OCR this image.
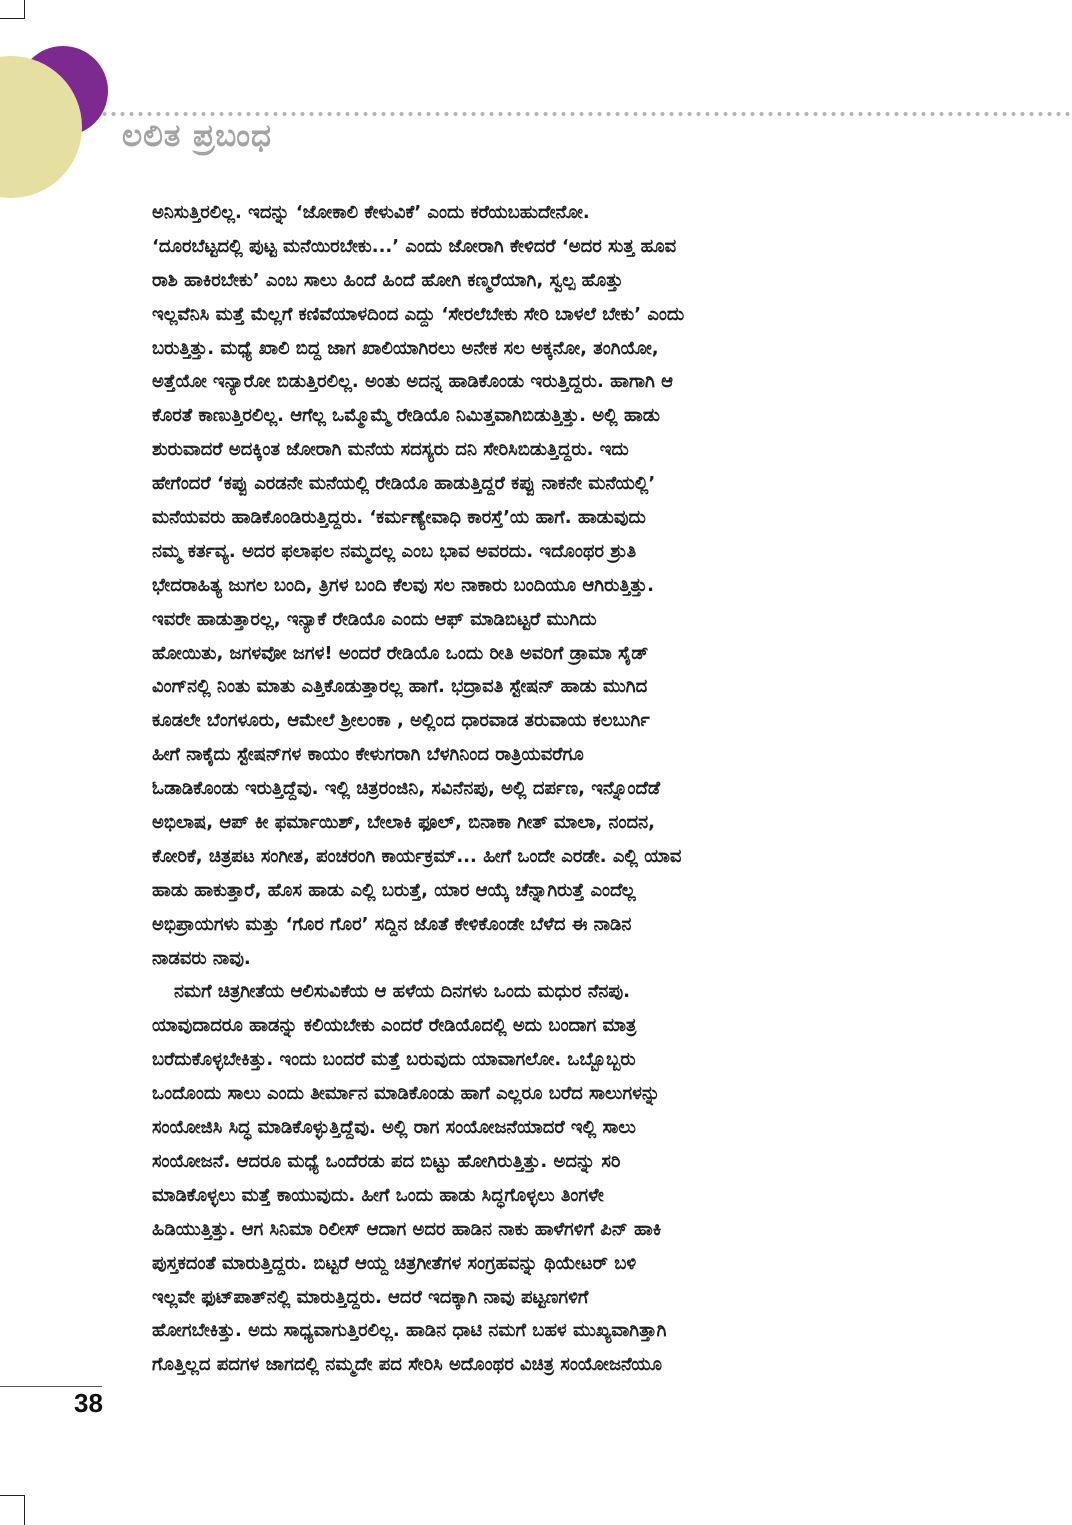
ಲಲಿತ ಪ್ರಬಂಧ
ಅನಿಸುತ್ತಿರಲಿಲ್ಲ. ಇದನ್ನು ‘ಜೋಕಾಲಿ ಕೇಳುವಿಕೆ’ ಎಂದು ಕರೆಯಬಹುದೇನೋ.
‘ದೂರಬೆಟ್ಟದಲ್ಲಿ ಪುಟ್ಟ ಮನೆಯಿರಬೇಕು...’ ಎಂದು ಜೋರಾಗಿ ಕೇಳಿದರೆ ‘ಅದರ ಸುತ್ತ ಹೂವ
ರಾಶಿ ಹಾಕಿರಬೇಕು’ ಎಂಬ ಸಾಲು ಹಿಂದೆ ಹಿಂದೆ ಹೋಗಿ ಕಣ್ಮರೆಯಾಗಿ, ಸ್ವಲ್ಪ ಹೊತ್ತು
ಇಲ್ಲವೆನಿಸಿ ಮತ್ತೆ ಮೆಲ್ಲಗೆ ಕಣಿವೆಯಾಳದಿಂದ ಎದ್ದು ‘ಸೇರಲೆಬೇಕು ಸೇರಿ ಬಾಳಲೆ ಬೇಕು’ ಎಂದು
ಬರುತ್ತಿತ್ತು. ಮಧ್ಯೆ ಖಾಲಿ ಬಿದ್ದ ಜಾಗ ಖಾಲಿಯಾಗಿರಲು ಅನೇಕ ಸಲ ಅಕ್ಕನೋ, ತಂಗಿಯೋ,
ಅತ್ತೆಯೋ ಇನ್ಯಾರೋ ಬಿಡುತ್ತಿರಲಿಲ್ಲ. ಅಂತು ಅದನ್ನ ಹಾಡಿಕೊಂಡು ಇರುತ್ತಿದ್ದರು. ಹಾಗಾಗಿ ಆ
ಕೊರತೆ ಕಾಣುತ್ತಿರಲಿಲ್ಲ. ಆಗೆಲ್ಲ ಒಮ್ಮೊಮ್ಮೆ ರೇಡಿಯೊ ನಿಮಿತ್ತವಾಗಿಬಿಡುತ್ತಿತ್ತು. ಅಲ್ಲಿ ಹಾಡು
ಶುರುವಾದರೆ ಅದಕ್ಕಿಂತ ಜೋರಾಗಿ ಮನೆಯ ಸದಸ್ಯರು ದನಿ ಸೇರಿಸಿಬಿಡುತ್ತಿದ್ದರು. ಇದು
ಹೇಗೆಂದರೆ ‘ಕಪ್ಪು ಎರಡನೇ ಮನೆಯಲ್ಲಿ ರೇಡಿಯೊ ಹಾಡುತ್ತಿದ್ದರೆ ಕಪ್ಪು ನಾಕನೇ ಮನೆಯಲ್ಲಿ’
ಮನೆಯವರು ಹಾಡಿಕೊಂಡಿರುತ್ತಿದ್ದರು. ‘ಕರ್ಮಣ್ಯೇವಾಧಿ ಕಾರಸ್ತೆ’ಯ ಹಾಗೆ. ಹಾಡುವುದು
ನಮ್ಮ ಕರ್ತವ್ಯ. ಅದರ ಫಲಾಫಲ ನಮ್ಮದಲ್ಲ ಎಂಬ ಭಾವ ಅವರದು. ಇದೊಂಥರ ಶ್ರುತಿ
ಭೇದರಾಹಿತ್ಯ ಜುಗಲ ಬಂದಿ, ತ್ರಿಗಳ ಬಂದಿ ಕೆಲವು ಸಲ ನಾಕಾರು ಬಂದಿಯೂ ಆಗಿರುತ್ತಿತ್ತು.
ಇವರೇ ಹಾಡುತ್ತಾರಲ್ಲ, ಇನ್ಯಾಕೆ ರೇಡಿಯೊ ಎಂದು ಆಫ್ ಮಾಡಿಬಿಟ್ಟರೆ ಮುಗಿದು
ಹೋಯಿತು, ಜಗಳವೋ ಜಗಳ! ಅಂದರೆ ರೇಡಿಯೊ ಒಂದು ರೀತಿ ಅವರಿಗೆ ಡ್ರಾಮಾ ಸೈಡ್
ವಿಂಗ್‌ನಲ್ಲಿ ನಿಂತು ಮಾತು ಎತ್ತಿಕೊಡುತ್ತಾರಲ್ಲ ಹಾಗೆ. ಭದ್ರಾವತಿ ಸ್ಟೇಷನ್ ಹಾಡು ಮುಗಿದ
ಕೂಡಲೇ ಬೆಂಗಳೂರು, ಆಮೇಲೆ ಶ್ರೀಲಂಕಾ , ಅಲ್ಲಿಂದ ಧಾರವಾಡ ತರುವಾಯ ಕಲಬುರ್ಗಿ
ಹೀಗೆ ನಾಕೈದು ಸ್ಟೇಷನ್‌ಗಳ ಕಾಯಂ ಕೇಳುಗರಾಗಿ ಬೆಳಗಿನಿಂದ ರಾತ್ರಿಯವರೆಗೂ
ಓಡಾಡಿಕೊಂಡು ಇರುತ್ತಿದ್ದೆವು. ಇಲ್ಲಿ ಚಿತ್ರರಂಜಿನಿ, ಸವಿನೆನಪು, ಅಲ್ಲಿ ದರ್ಪಣ, ಇನ್ನೊಂದೆಡೆ
ಅಭಿಲಾಷ, ಆಪ್ ಕೀ ಫರ್ಮಾಯಿಶ್, ಬೇಲಾಕಿ ಫೂಲ್, ಬಿನಾಕಾ ಗೀತ್ ಮಾಲಾ, ನಂದನ,
ಕೋರಿಕೆ, ಚಿತ್ರಪಟ ಸಂಗೀತ, ಪಂಚರಂಗಿ ಕಾರ್ಯಕ್ರಮ್... ಹೀಗೆ ಒಂದೇ ಎರಡೇ. ಎಲ್ಲಿ ಯಾವ
ಹಾಡು ಹಾಕುತ್ತಾರೆ, ಹೊಸ ಹಾಡು ಎಲ್ಲಿ ಬರುತ್ತೆ, ಯಾರ ಆಯ್ಕೆ ಚೆನ್ನಾಗಿರುತ್ತೆ ಎಂದೆಲ್ಲ
ಅಭಿಪ್ರಾಯಗಳು ಮತ್ತು ‘ಗೊರ ಗೊರ’ ಸದ್ದಿನ ಜೊತೆ ಕೇಳಿಕೊಂಡೇ ಬೆಳೆದ ಈ ನಾಡಿನ
ನಾಡವರು ನಾವು.
ನಮಗೆ ಚಿತ್ರಗೀತೆಯ ಆಲಿಸುವಿಕೆಯ ಆ ಹಳೆಯ ದಿನಗಳು ಒಂದು ಮಧುರ ನೆನಪು.
ಯಾವುದಾದರೂ ಹಾಡನ್ನು ಕಲಿಯಬೇಕು ಎಂದರೆ ರೇಡಿಯೊದಲ್ಲಿ ಅದು ಬಂದಾಗ ಮಾತ್ರ
ಬರೆದುಕೊಳ್ಳಬೇಕಿತ್ತು. ಇಂದು ಬಂದರೆ ಮತ್ತೆ ಬರುವುದು ಯಾವಾಗಲೋ. ಒಬ್ಬೊಬ್ಬರು
ಒಂದೊಂದು ಸಾಲು ಎಂದು ತೀರ್ಮಾನ ಮಾಡಿಕೊಂಡು ಹಾಗೆ ಎಲ್ಲರೂ ಬರೆದ ಸಾಲುಗಳನ್ನು
ಸಂಯೋಜಿಸಿ ಸಿದ್ಧ ಮಾಡಿಕೊಳ್ಳುತ್ತಿದ್ದೆವು. ಅಲ್ಲಿ ರಾಗ ಸಂಯೋಜನೆಯಾದರೆ ಇಲ್ಲಿ ಸಾಲು
ಸಂಯೋಜನೆ. ಆದರೂ ಮಧ್ಯೆ ಒಂದೆರಡು ಪದ ಬಿಟ್ಟು ಹೋಗಿರುತ್ತಿತ್ತು. ಅದನ್ನು ಸರಿ
ಮಾಡಿಕೊಳ್ಳಲು ಮತ್ತೆ ಕಾಯುವುದು. ಹೀಗೆ ಒಂದು ಹಾಡು ಸಿದ್ಧಗೊಳ್ಳಲು ತಿಂಗಳೇ
ಹಿಡಿಯುತ್ತಿತ್ತು. ಆಗ ಸಿನಿಮಾ ರಿಲೀಸ್ ಆದಾಗ ಅದರ ಹಾಡಿನ ನಾಕು ಹಾಳೆಗಳಿಗೆ ಪಿನ್ ಹಾಕಿ
ಪುಸ್ತಕದಂತೆ ಮಾರುತ್ತಿದ್ದರು. ಬಿಟ್ಟರೆ ಆಯ್ದ ಚಿತ್ರಗೀತೆಗಳ ಸಂಗ್ರಹವನ್ನು ಥಿಯೇಟರ್ ಬಳಿ
ಇಲ್ಲವೇ ಫುಟ್‌ಪಾತ್‌ನಲ್ಲಿ ಮಾರುತ್ತಿದ್ದರು. ಆದರೆ ಇದಕ್ಕಾಗಿ ನಾವು ಪಟ್ಟಣಗಳಿಗೆ
ಹೋಗಬೇಕಿತ್ತು. ಅದು ಸಾಧ್ಯವಾಗುತ್ತಿರಲಿಲ್ಲ. ಹಾಡಿನ ಧಾಟಿ ನಮಗೆ ಬಹಳ ಮುಖ್ಯವಾಗಿತ್ತಾಗಿ
ಗೊತ್ತಿಲ್ಲದ ಪದಗಳ ಜಾಗದಲ್ಲಿ ನಮ್ಮದೇ ಪದ ಸೇರಿಸಿ ಅದೊಂಥರ ವಿಚಿತ್ರ ಸಂಯೋಜನೆಯೂ
38
